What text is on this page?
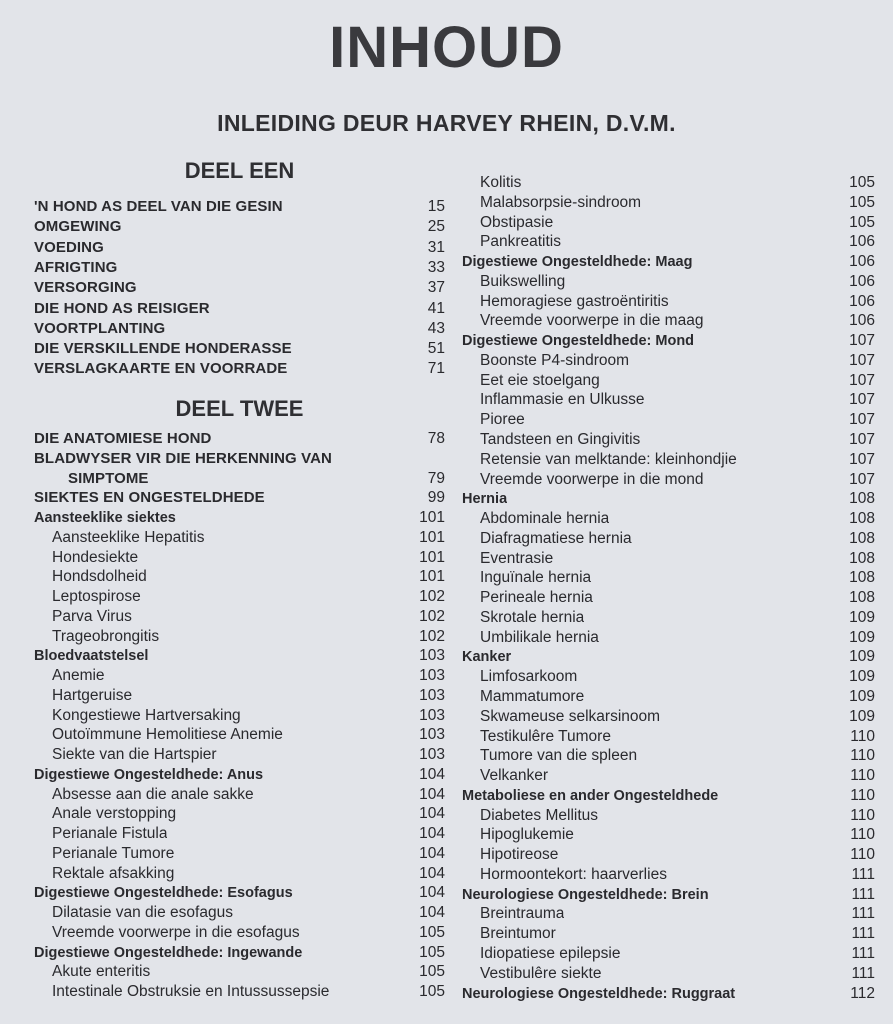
INHOUD
INLEIDING DEUR HARVEY RHEIN, D.V.M.
DEEL EEN
'N HOND AS DEEL VAN DIE GESIN	15
OMGEWING	25
VOEDING	31
AFRIGTING	33
VERSORGING	37
DIE HOND AS REISIGER	41
VOORTPLANTING	43
DIE VERSKILLENDE HONDERASSE	51
VERSLAGKAARTE EN VOORRADE	71
DEEL TWEE
DIE ANATOMIESE HOND	78
BLADWYSER VIR DIE HERKENNING VAN
SIMPTOME	79
SIEKTES EN ONGESTELDHEDE	99
Aansteeklike siektes	101
Aansteeklike Hepatitis	101
Hondesiekte	101
Hondsdolheid	101
Leptospirose	102
Parva Virus	102
Trageobrongitis	102
Bloedvaatstelsel	103
Anemie	103
Hartgeruise	103
Kongestiewe Hartversaking	103
Outoïmmune Hemolitiese Anemie	103
Siekte van die Hartspier	103
Digestiewe Ongesteldhede: Anus	104
Absesse aan die anale sakke	104
Anale verstopping	104
Perianale Fistula	104
Perianale Tumore	104
Rektale afsakking	104
Digestiewe Ongesteldhede: Esofagus	104
Dilatasie van die esofagus	104
Vreemde voorwerpe in die esofagus	105
Digestiewe Ongesteldhede: Ingewande	105
Akute enteritis	105
Intestinale Obstruksie en Intussussepsie	105
Kolitis	105
Malabsorpsie-sindroom	105
Obstipasie	105
Pankreatitis	106
Digestiewe Ongesteldhede: Maag	106
Buikswelling	106
Hemoragiese gastroëntiritis	106
Vreemde voorwerpe in die maag	106
Digestiewe Ongesteldhede: Mond	107
Boonste P4-sindroom	107
Eet eie stoelgang	107
Inflammasie en Ulkusse	107
Pioree	107
Tandsteen en Gingivitis	107
Retensie van melktande: kleinhondjie	107
Vreemde voorwerpe in die mond	107
Hernia	108
Abdominale hernia	108
Diafragmatiese hernia	108
Eventrasie	108
Inguïnale hernia	108
Perineale hernia	108
Skrotale hernia	109
Umbilikale hernia	109
Kanker	109
Limfosarkoom	109
Mammatumore	109
Skwameuse selkarsinoom	109
Testikulêre Tumore	110
Tumore van die spleen	110
Velkanker	110
Metaboliese en ander Ongesteldhede	110
Diabetes Mellitus	110
Hipoglukemie	110
Hipotireose	110
Hormoontekort: haarverlies	111
Neurologiese Ongesteldhede: Brein	111
Breintrauma	111
Breintumor	111
Idiopatiese epilepsie	111
Vestibulêre siekte	111
Neurologiese Ongesteldhede: Ruggraat	112
